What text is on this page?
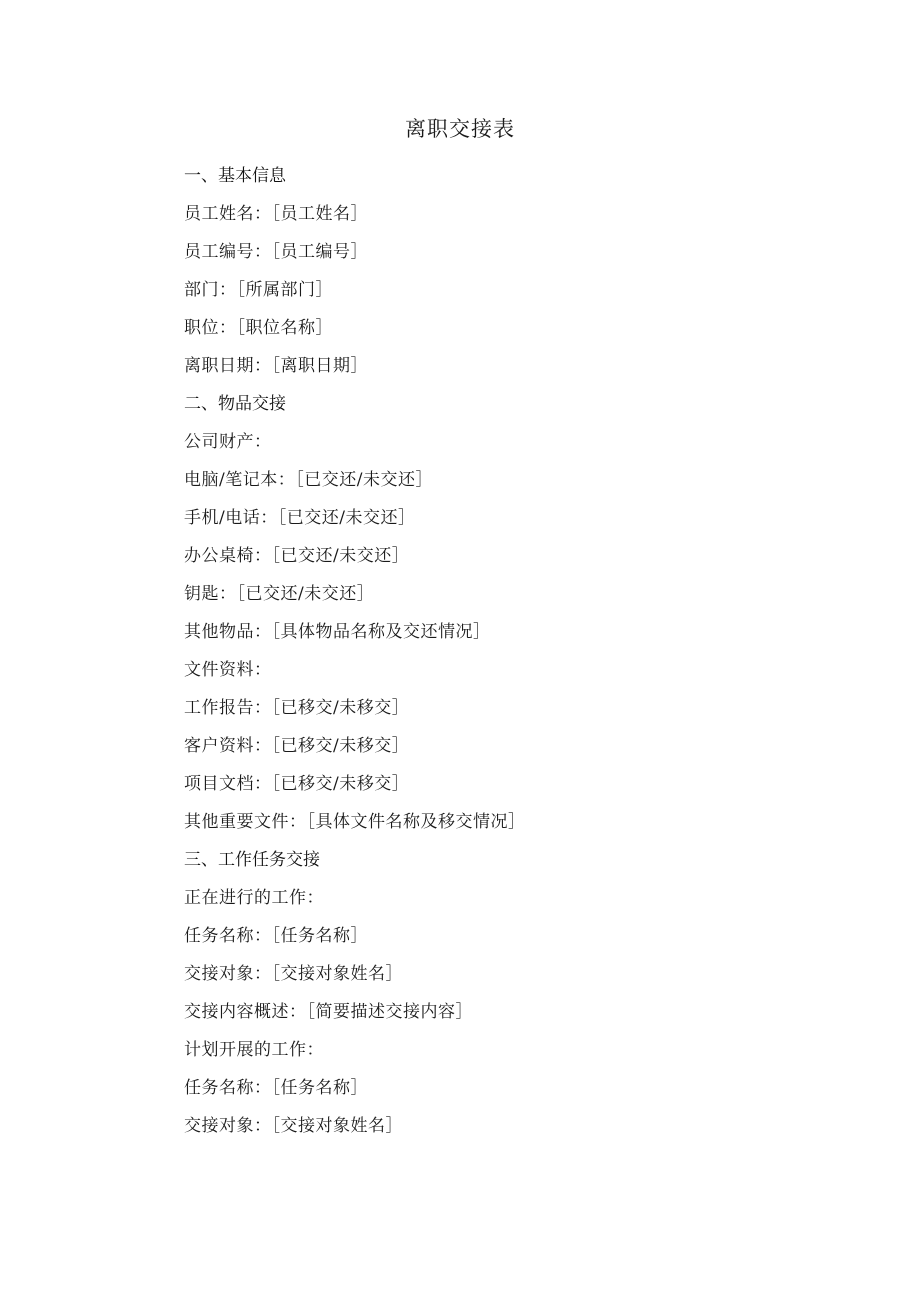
离职交接表
一、基本信息
员工姓名：［员工姓名］
员工编号：［员工编号］
部门：［所属部门］
职位：［职位名称］
离职日期：［离职日期］
二、物品交接
公司财产：
电脑/笔记本：［已交还/未交还］
手机/电话：［已交还/未交还］
办公桌椅：［已交还/未交还］
钥匙：［已交还/未交还］
其他物品：［具体物品名称及交还情况］
文件资料：
工作报告：［已移交/未移交］
客户资料：［已移交/未移交］
项目文档：［已移交/未移交］
其他重要文件：［具体文件名称及移交情况］
三、工作任务交接
正在进行的工作：
任务名称：［任务名称］
交接对象：［交接对象姓名］
交接内容概述：［简要描述交接内容］
计划开展的工作：
任务名称：［任务名称］
交接对象：［交接对象姓名］
